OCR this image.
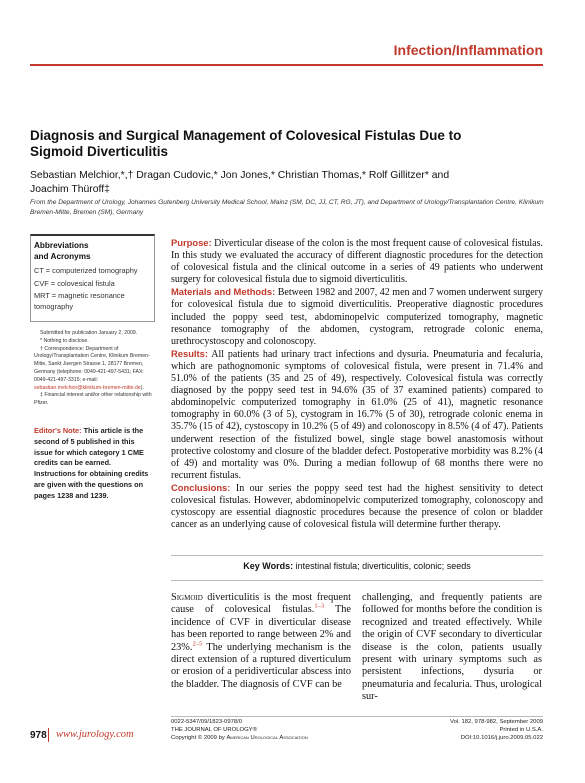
Infection/Inflammation
Diagnosis and Surgical Management of Colovesical Fistulas Due to Sigmoid Diverticulitis
Sebastian Melchior,*,† Dragan Cudovic,* Jon Jones,* Christian Thomas,* Rolf Gillitzer* and Joachim Thüroff‡
From the Department of Urology, Johannes Gutenberg University Medical School, Mainz (SM, DC, JJ, CT, RG, JT), and Department of Urology/Transplantation Centre, Klinikum Bremen-Mitte, Bremen (SM), Germany
Abbreviations
and Acronyms
CT = computerized tomography
CVF = colovesical fistula
MRT = magnetic resonance tomography
Submitted for publication January 2, 2009.
* Nothing to disclose.
† Correspondence: Department of Urology/Transplantation Centre, Klinikum Bremen-Mitte, Sankt Juergen Strasse 1, 28177 Bremen, Germany (telephone: 0049-421-497-5431; FAX: 0049-421-497-3315; e-mail: sebastian.melchior@klinikum-bremen-mitte.de).
‡ Financial interest and/or other relationship with Pfizer.
Editor's Note: This article is the second of 5 published in this issue for which category 1 CME credits can be earned. Instructions for obtaining credits are given with the questions on pages 1238 and 1239.

Purpose: Diverticular disease of the colon is the most frequent cause of colovesical fistulas. In this study we evaluated the accuracy of different diagnostic procedures for the detection of colovesical fistula and the clinical outcome in a series of 49 patients who underwent surgery for colovesical fistula due to sigmoid diverticulitis.

Materials and Methods: Between 1982 and 2007, 42 men and 7 women underwent surgery for colovesical fistula due to sigmoid diverticulitis. Preoperative diagnostic procedures included the poppy seed test, abdominopelvic computerized tomography, magnetic resonance tomography of the abdomen, cystogram, retrograde colonic enema, urethrocystoscopy and colonoscopy.

Results: All patients had urinary tract infections and dysuria. Pneumaturia and fecaluria, which are pathognomonic symptoms of colovesical fistula, were present in 71.4% and 51.0% of the patients (35 and 25 of 49), respectively. Colovesical fistula was correctly diagnosed by the poppy seed test in 94.6% (35 of 37 examined patients) compared to abdominopelvic computerized tomography in 61.0% (25 of 41), magnetic resonance tomography in 60.0% (3 of 5), cystogram in 16.7% (5 of 30), retrograde colonic enema in 35.7% (15 of 42), cystoscopy in 10.2% (5 of 49) and colonoscopy in 8.5% (4 of 47). Patients underwent resection of the fistulized bowel, single stage bowel anastomosis without protective colostomy and closure of the bladder defect. Postoperative morbidity was 8.2% (4 of 49) and mortality was 0%. During a median followup of 68 months there were no recurrent fistulas.

Conclusions: In our series the poppy seed test had the highest sensitivity to detect colovesical fistulas. However, abdominopelvic computerized tomography, colonoscopy and cystoscopy are essential diagnostic procedures because the presence of colon or bladder cancer as an underlying cause of colovesical fistula will determine further therapy.

Key Words: intestinal fistula; diverticulitis, colonic; seeds
Sigmoid diverticulitis is the most frequent cause of colovesical fistulas.$^{1-3}$ The incidence of CVF in diverticular disease has been reported to range between 2% and 23%.$^{2-5}$ The underlying mechanism is the direct extension of a ruptured diverticulum or erosion of a peridiverticular abscess into the bladder. The diagnosis of CVF can be
challenging, and frequently patients are followed for months before the condition is recognized and treated effectively. While the origin of CVF secondary to diverticular disease is the colon, patients usually present with urinary symptoms such as persistent infections, dysuria or pneumaturia and fecaluria. Thus, urological sur-
0022-5347/09/1823-0978/0
THE JOURNAL OF UROLOGY®
Copyright © 2009 by American Urological Association
Vol. 182, 978-982, September 2009
Printed in U.S.A.
DOI:10.1016/j.juro.2009.05.022
978 www.jurology.com
